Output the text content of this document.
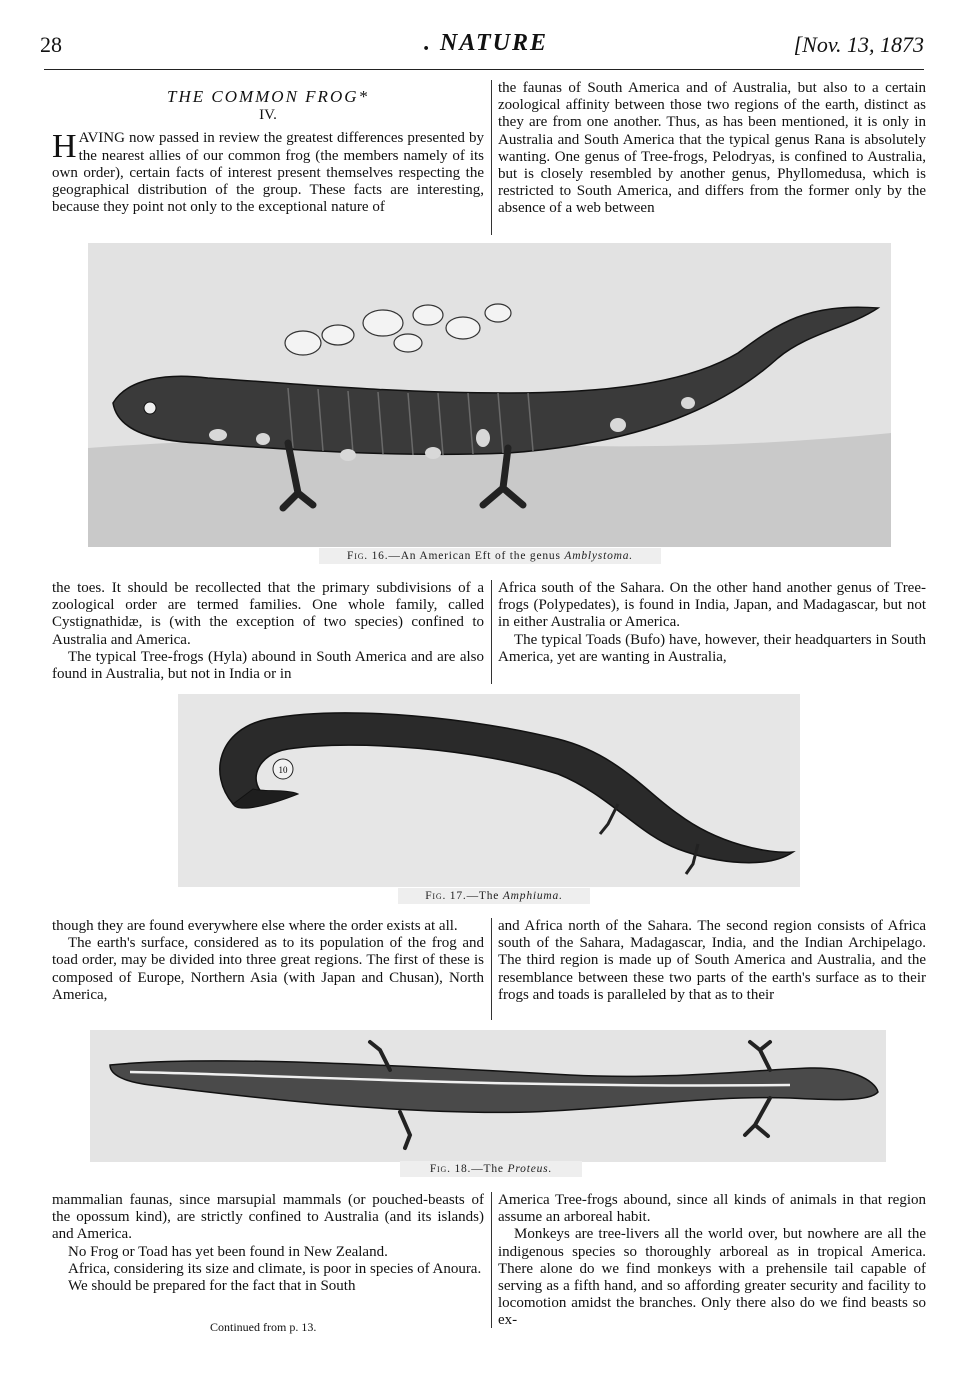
28	. NATURE	[Nov. 13, 1873
THE COMMON FROG*
IV.

HAVING now passed in review the greatest differences presented by the nearest allies of our common frog (the members namely of its own order), certain facts of interest present themselves respecting the geographical distribution of the group. These facts are interesting, because they point not only to the exceptional nature of

the faunas of South America and of Australia, but also to a certain zoological affinity between those two regions of the earth, distinct as they are from one another. Thus, as has been mentioned, it is only in Australia and South America that the typical genus Rana is absolutely wanting. One genus of Tree-frogs, Pelodryas, is confined to Australia, but is closely resembled by another genus, Phyllomedusa, which is restricted to South America, and differs from the former only by the absence of a web between

Fig. 16.—An American Eft of the genus Amblystoma.

the toes. It should be recollected that the primary subdivisions of a zoological order are termed families. One whole family, called Cystignathidæ, is (with the exception of two species) confined to Australia and America.

The typical Tree-frogs (Hyla) abound in South America and are also found in Australia, but not in India or in

Africa south of the Sahara. On the other hand another genus of Tree-frogs (Polypedates), is found in India, Japan, and Madagascar, but not in either Australia or America.

The typical Toads (Bufo) have, however, their headquarters in South America, yet are wanting in Australia,

10
Fig. 17.—The Amphiuma.

though they are found everywhere else where the order exists at all.

The earth's surface, considered as to its population of the frog and toad order, may be divided into three great regions. The first of these is composed of Europe, Northern Asia (with Japan and Chusan), North America,

and Africa north of the Sahara. The second region consists of Africa south of the Sahara, Madagascar, India, and the Indian Archipelago. The third region is made up of South America and Australia, and the resemblance between these two parts of the earth's surface as to their frogs and toads is paralleled by that as to their

Fig. 18.—The Proteus.

mammalian faunas, since marsupial mammals (or pouched-beasts of the opossum kind), are strictly confined to Australia (and its islands) and America.

No Frog or Toad has yet been found in New Zealand.

Africa, considering its size and climate, is poor in species of Anoura.

We should be prepared for the fact that in South

America Tree-frogs abound, since all kinds of animals in that region assume an arboreal habit.

Monkeys are tree-livers all the world over, but nowhere are all the indigenous species so thoroughly arboreal as in tropical America. There alone do we find monkeys with a prehensile tail capable of serving as a fifth hand, and so affording greater security and facility to locomotion amidst the branches. Only there also do we find beasts so ex-

Continued from p. 13.
